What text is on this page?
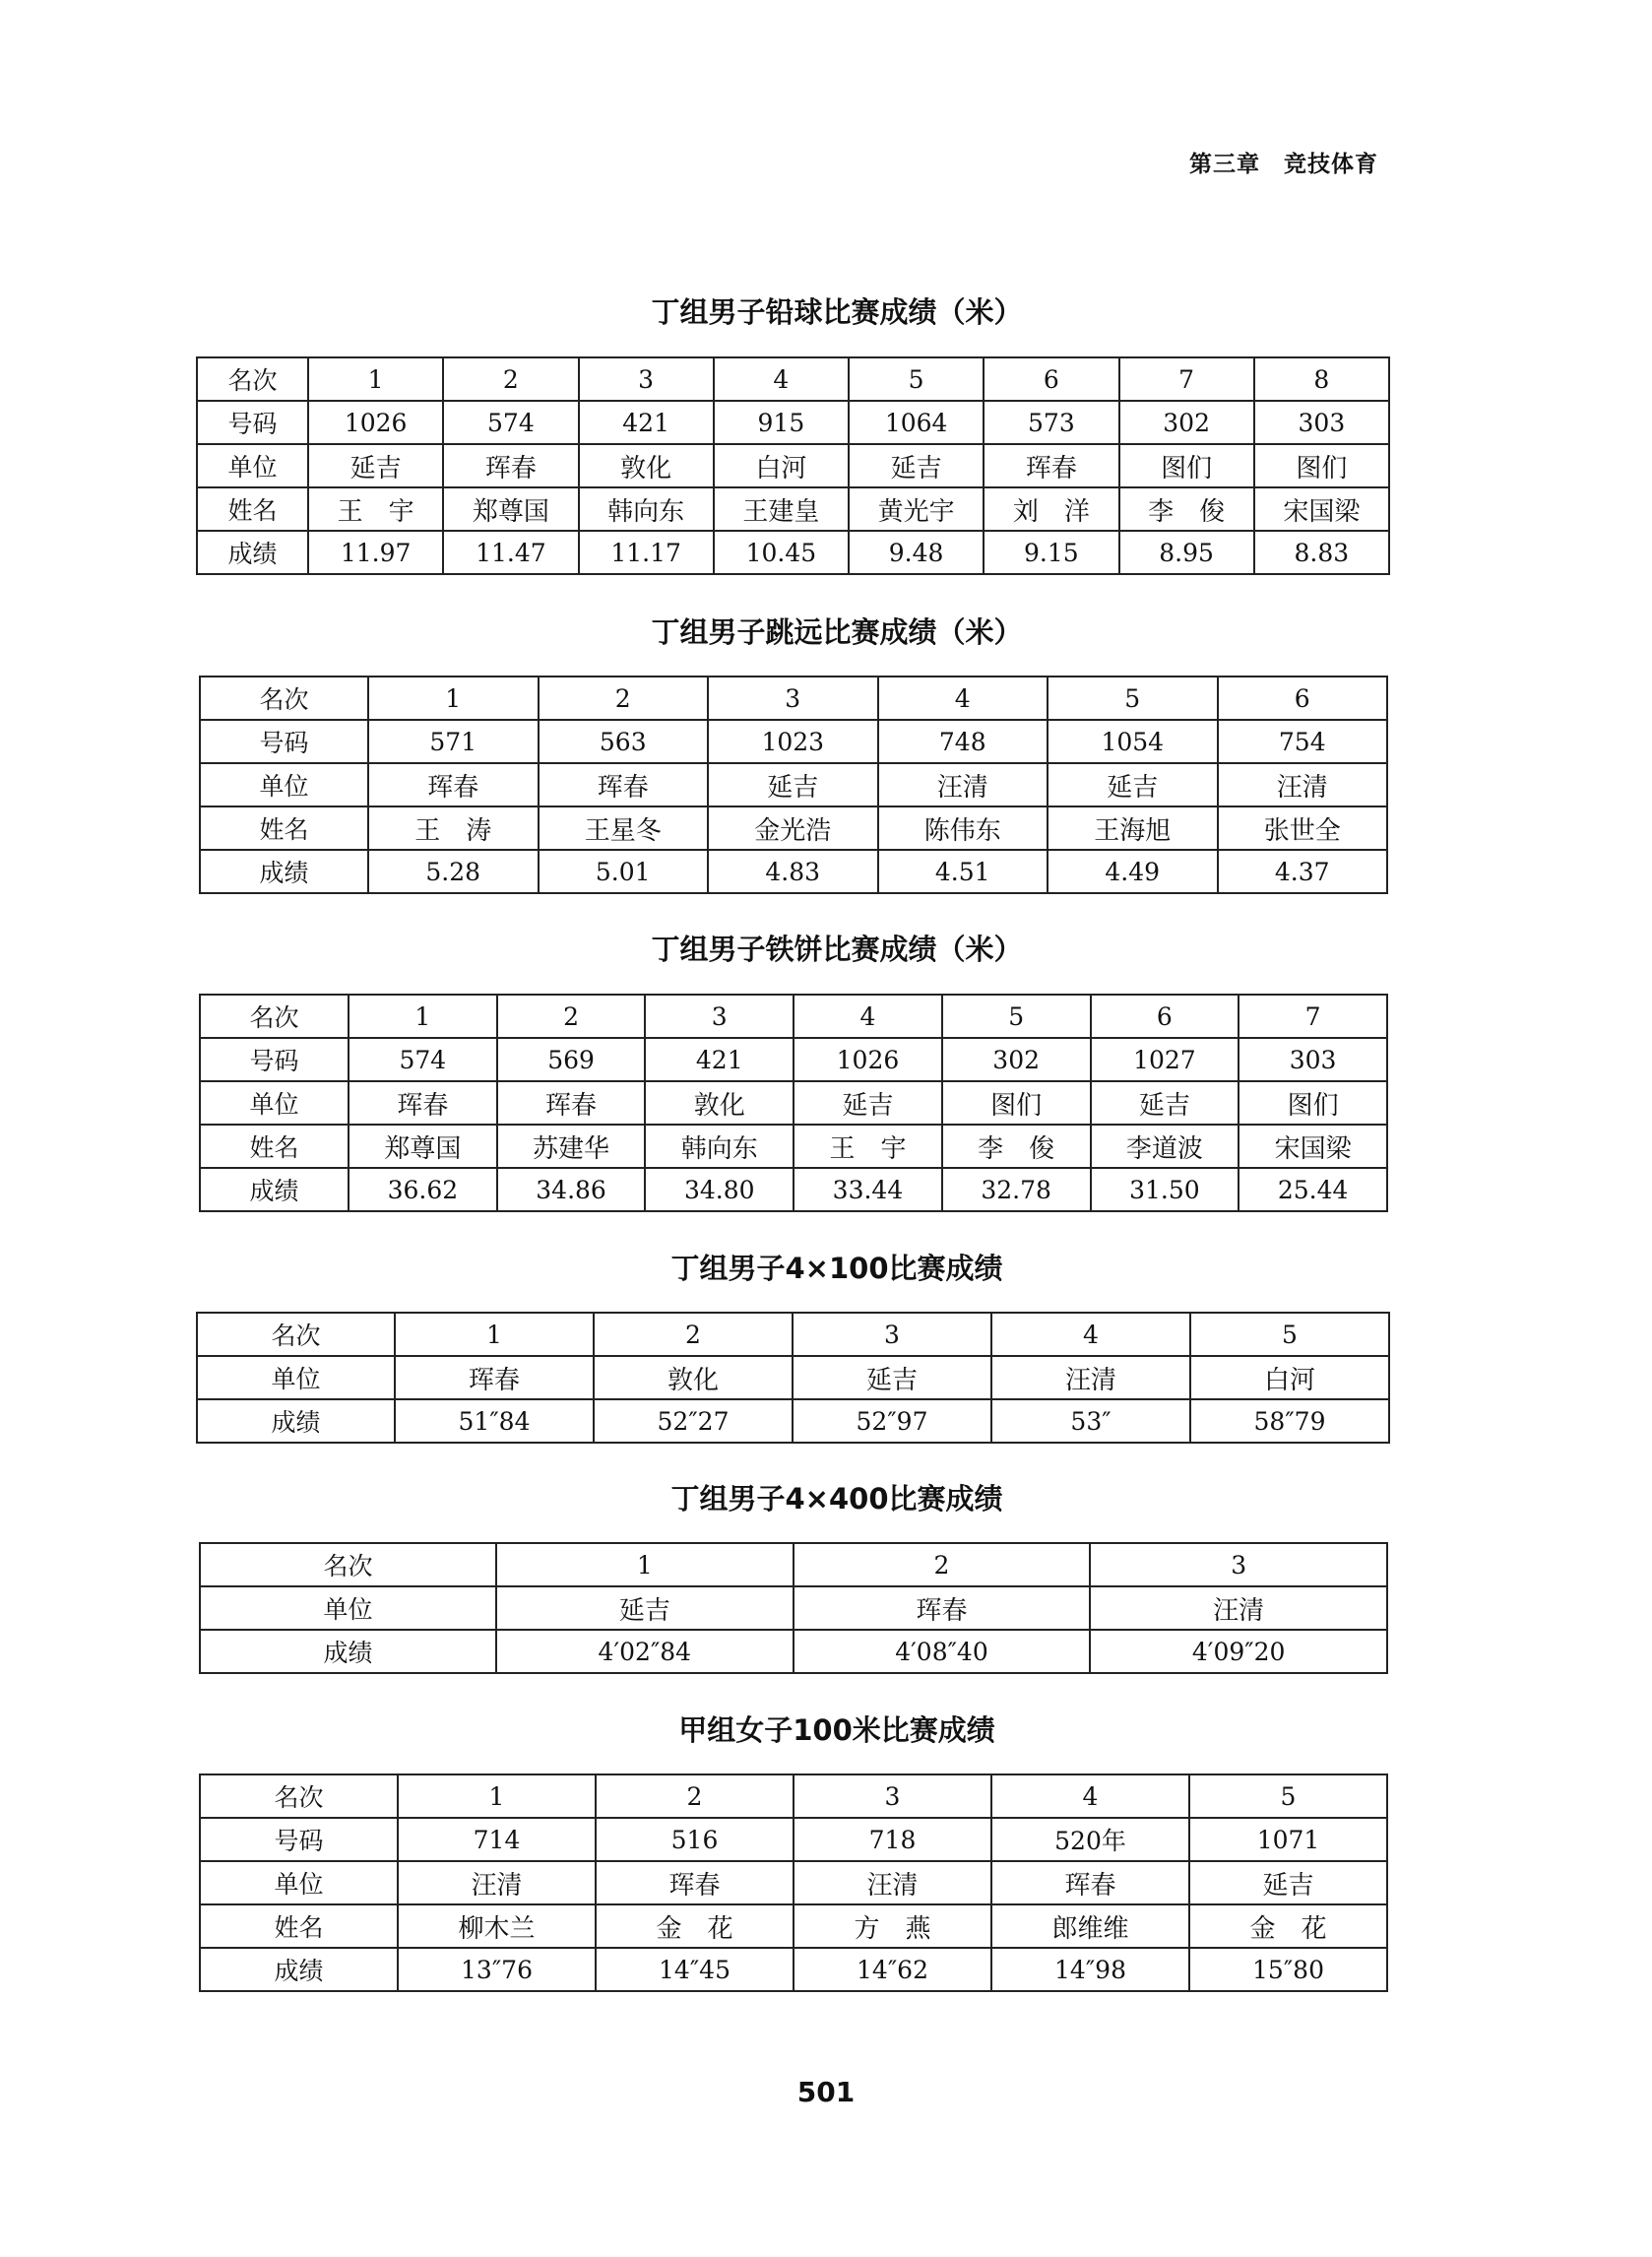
第三章　竞技体育
丁组男子铅球比赛成绩（米）
名次	1	2	3	4	5	6	7	8
号码	1026	574	421	915	1064	573	302	303
单位	延吉	珲春	敦化	白河	延吉	珲春	图们	图们
姓名	王　宇	郑尊国	韩向东	王建皇	黄光宇	刘　洋	李　俊	宋国梁
成绩	11.97	11.47	11.17	10.45	9.48	9.15	8.95	8.83
丁组男子跳远比赛成绩（米）
名次	1	2	3	4	5	6
号码	571	563	1023	748	1054	754
单位	珲春	珲春	延吉	汪清	延吉	汪清
姓名	王　涛	王星冬	金光浩	陈伟东	王海旭	张世全
成绩	5.28	5.01	4.83	4.51	4.49	4.37
丁组男子铁饼比赛成绩（米）
名次	1	2	3	4	5	6	7
号码	574	569	421	1026	302	1027	303
单位	珲春	珲春	敦化	延吉	图们	延吉	图们
姓名	郑尊国	苏建华	韩向东	王　宇	李　俊	李道波	宋国梁
成绩	36.62	34.86	34.80	33.44	32.78	31.50	25.44
丁组男子4×100比赛成绩
名次	1	2	3	4	5
单位	珲春	敦化	延吉	汪清	白河
成绩	51″84	52″27	52″97	53″	58″79
丁组男子4×400比赛成绩
名次	1	2	3
单位	延吉	珲春	汪清
成绩	4′02″84	4′08″40	4′09″20
甲组女子100米比赛成绩
名次	1	2	3	4	5
号码	714	516	718	520年	1071
单位	汪清	珲春	汪清	珲春	延吉
姓名	柳木兰	金　花	方　燕	郎维维	金　花
成绩	13″76	14″45	14″62	14″98	15″80
501
